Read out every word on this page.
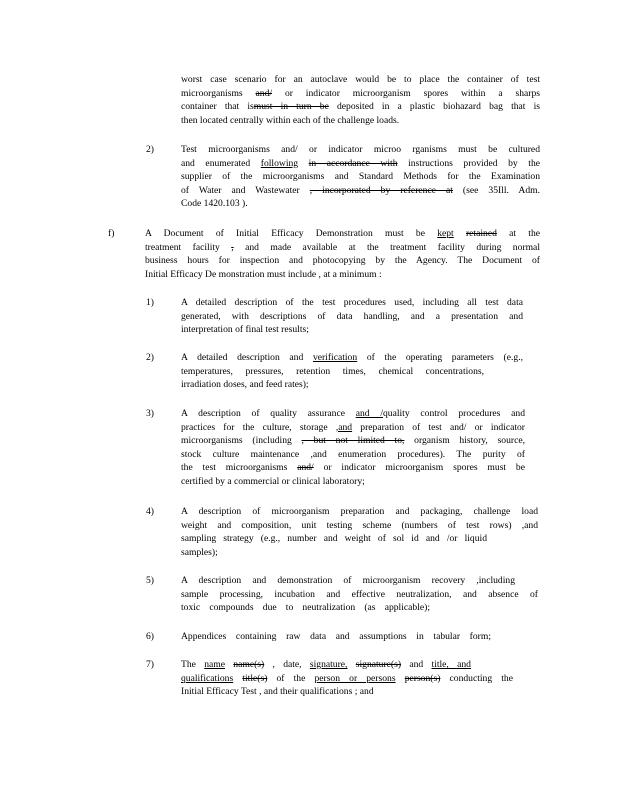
worst case scenario for an autoclave would be to place the container of test
microorganisms and/ or indicator microorganism spores within a sharps
container that ismust in turn be deposited in a plastic biohazard bag that is
then located centrally within each of the challenge loads.
2)	Test microorganisms and/ or indicator microo rganisms must be cultured
and enumerated following in accordance with instructions provided by the
supplier of the microorganisms and Standard Methods for the Examination
of Water and Wastewater , incorporated by reference at (see 35Ill. Adm.
Code 1420.103 ).
f)	A Document of Initial Efficacy Demonstration must be kept retained at the
treatment facility , and made available at the treatment facility during normal
business hours for inspection and photocopying by the Agency. The Document of
Initial Efficacy De monstration must include , at a minimum :
1)	A detailed description of the test procedures used, including all test data
generated, with descriptions of data handling, and a presentation and
interpretation of final test results;
2)	A detailed description and verification of the operating parameters (e.g.,
temperatures, pressures, retention times, chemical concentrations,
irradiation doses, and feed rates);
3)	A description of quality assurance and /quality control procedures and
practices for the culture, storage ,and preparation of test and/ or indicator
microorganisms (including , but not limited to, organism history, source,
stock culture maintenance ,and enumeration procedures). The purity of
the test microorganisms and/ or indicator microorganism spores must be
certified by a commercial or clinical laboratory;
4)	A description of microorganism preparation and packaging, challenge load
weight and composition, unit testing scheme (numbers of test rows) ,and
sampling strategy (e.g., number and weight of sol id and /or liquid
samples);
5)	A description and demonstration of microorganism recovery ,including
sample processing, incubation and effective neutralization, and absence of
toxic compounds due to neutralization (as applicable);
6)	Appendices containing raw data and assumptions in tabular form;
7)	The name name(s) , date, signature, signature(s) and title, and
qualifications title(s) of the person or persons person(s) conducting the
Initial Efficacy Test , and their qualifications ; and
